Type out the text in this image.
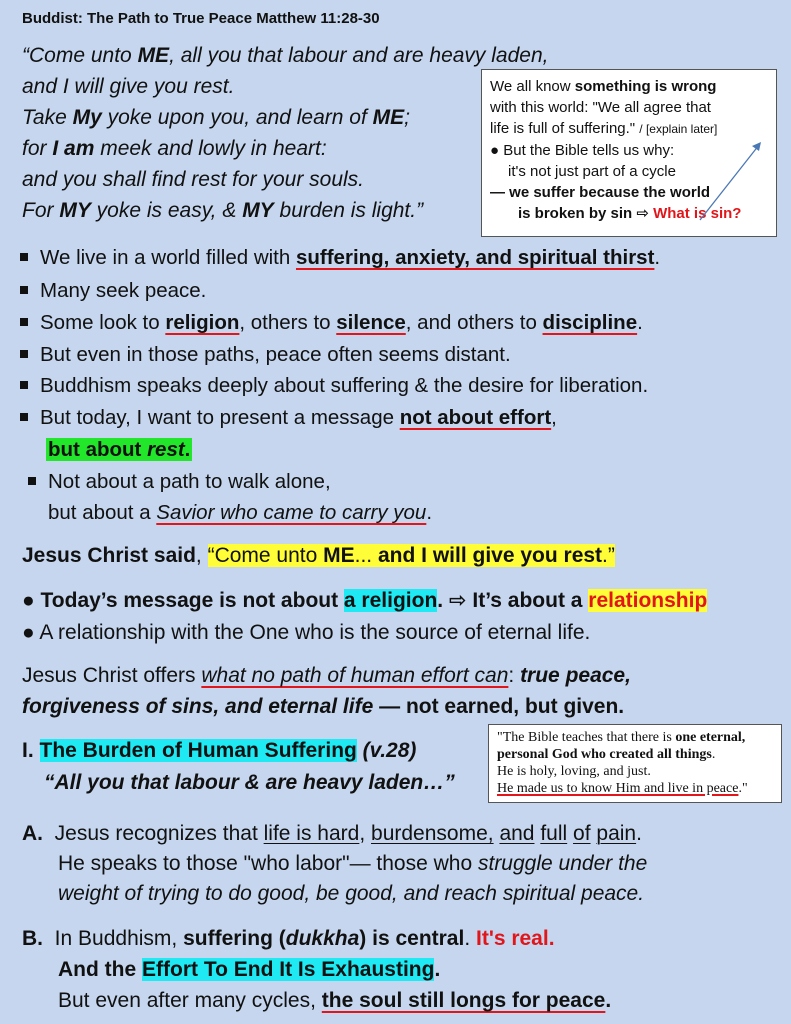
Buddist: The Path to True Peace Matthew 11:28-30
“Come unto ME, all you that labour and are heavy laden,
and I will give you rest.
Take My yoke upon you, and learn of ME;
for I am meek and lowly in heart:
and you shall find rest for your souls.
For MY yoke is easy, & MY burden is light.”
We all know something is wrong
with this world: "We all agree that
life is full of suffering." / [explain later]
● But the Bible tells us why:
it's not just part of a cycle
— we suffer because the world
is broken by sin ⇨ What is sin?
We live in a world filled with suffering, anxiety, and spiritual thirst.
Many seek peace.
Some look to religion, others to silence, and others to discipline.
But even in those paths, peace often seems distant.
Buddhism speaks deeply about suffering & the desire for liberation.
But today, I want to present a message not about effort,
but about rest.
Not about a path to walk alone,
but about a Savior who came to carry you.
Jesus Christ said, “Come unto ME... and I will give you rest.”
● Today’s message is not about a religion. ⇨ It’s about a relationship
● A relationship with the One who is the source of eternal life.
Jesus Christ offers what no path of human effort can: true peace,
forgiveness of sins, and eternal life — not earned, but given.
I. The Burden of Human Suffering (v.28)
“All you that labour & are heavy laden…”
"The Bible teaches that there is one eternal,
personal God who created all things.
He is holy, loving, and just.
He made us to know Him and live in peace."
A. Jesus recognizes that life is hard, burdensome, and full of pain.
He speaks to those "who labor"— those who struggle under the
weight of trying to do good, be good, and reach spiritual peace.
B. In Buddhism, suffering (dukkha) is central. It's real.
And the Effort To End It Is Exhausting.
But even after many cycles, the soul still longs for peace.
